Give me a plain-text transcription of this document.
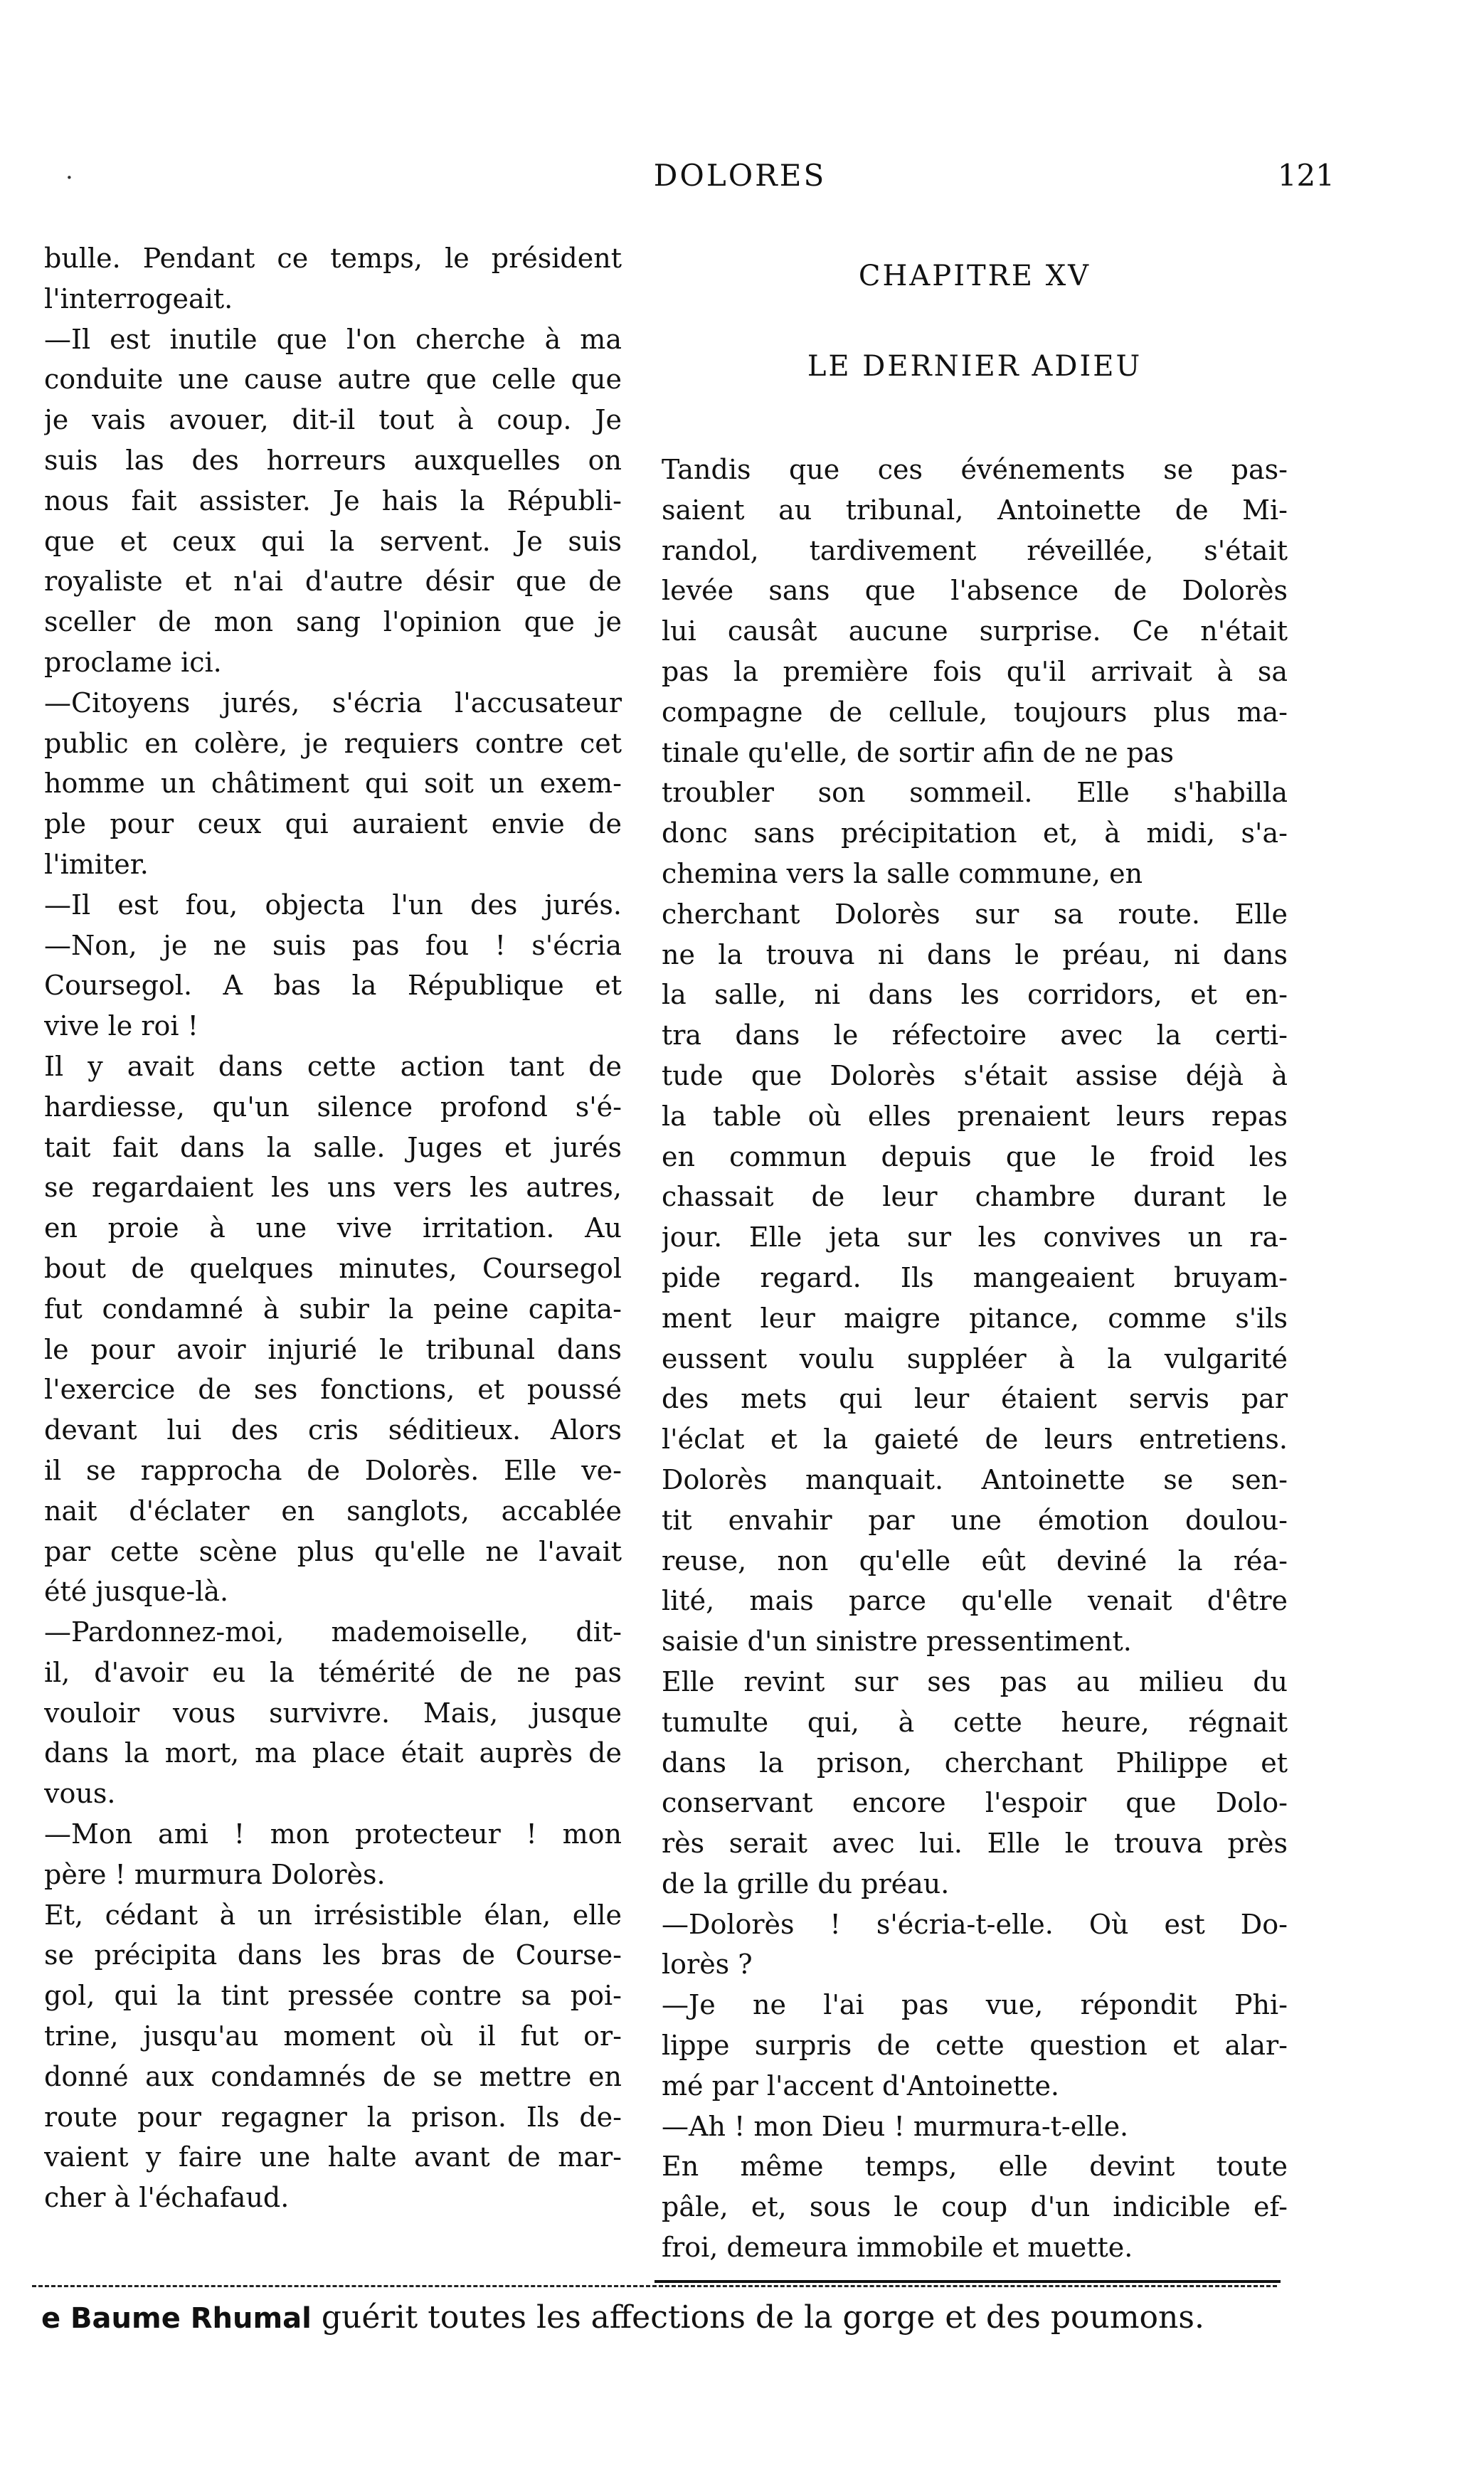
·	DOLORES	121
bulle. Pendant ce temps, le président
l'interrogeait.
—Il est inutile que l'on cherche à ma
conduite une cause autre que celle que
je vais avouer, dit-il tout à coup. Je
suis las des horreurs auxquelles on
nous fait assister. Je hais la Républi-
que et ceux qui la servent. Je suis
royaliste et n'ai d'autre désir que de
sceller de mon sang l'opinion que je
proclame ici.
—Citoyens jurés, s'écria l'accusateur
public en colère, je requiers contre cet
homme un châtiment qui soit un exem-
ple pour ceux qui auraient envie de
l'imiter.
—Il est fou, objecta l'un des jurés.
—Non, je ne suis pas fou ! s'écria
Coursegol. A bas la République et
vive le roi !
Il y avait dans cette action tant de
hardiesse, qu'un silence profond s'é-
tait fait dans la salle. Juges et jurés
se regardaient les uns vers les autres,
en proie à une vive irritation. Au
bout de quelques minutes, Coursegol
fut condamné à subir la peine capita-
le pour avoir injurié le tribunal dans
l'exercice de ses fonctions, et poussé
devant lui des cris séditieux. Alors
il se rapprocha de Dolorès. Elle ve-
nait d'éclater en sanglots, accablée
par cette scène plus qu'elle ne l'avait
été jusque-là.
—Pardonnez-moi, mademoiselle, dit-
il, d'avoir eu la témérité de ne pas
vouloir vous survivre. Mais, jusque
dans la mort, ma place était auprès de
vous.
—Mon ami ! mon protecteur ! mon
père ! murmura Dolorès.
Et, cédant à un irrésistible élan, elle
se précipita dans les bras de Course-
gol, qui la tint pressée contre sa poi-
trine, jusqu'au moment où il fut or-
donné aux condamnés de se mettre en
route pour regagner la prison. Ils de-
vaient y faire une halte avant de mar-
cher à l'échafaud.
CHAPITRE XV
LE DERNIER ADIEU
Tandis que ces événements se pas-
saient au tribunal, Antoinette de Mi-
randol, tardivement réveillée, s'était
levée sans que l'absence de Dolorès
lui causât aucune surprise. Ce n'était
pas la première fois qu'il arrivait à sa
compagne de cellule, toujours plus ma-
tinale qu'elle, de sortir afin de ne pas
troubler son sommeil. Elle s'habilla
donc sans précipitation et, à midi, s'a-
chemina vers la salle commune, en
cherchant Dolorès sur sa route. Elle
ne la trouva ni dans le préau, ni dans
la salle, ni dans les corridors, et en-
tra dans le réfectoire avec la certi-
tude que Dolorès s'était assise déjà à
la table où elles prenaient leurs repas
en commun depuis que le froid les
chassait de leur chambre durant le
jour. Elle jeta sur les convives un ra-
pide regard. Ils mangeaient bruyam-
ment leur maigre pitance, comme s'ils
eussent voulu suppléer à la vulgarité
des mets qui leur étaient servis par
l'éclat et la gaieté de leurs entretiens.
Dolorès manquait. Antoinette se sen-
tit envahir par une émotion doulou-
reuse, non qu'elle eût deviné la réa-
lité, mais parce qu'elle venait d'être
saisie d'un sinistre pressentiment.
Elle revint sur ses pas au milieu du
tumulte qui, à cette heure, régnait
dans la prison, cherchant Philippe et
conservant encore l'espoir que Dolo-
rès serait avec lui. Elle le trouva près
de la grille du préau.
—Dolorès ! s'écria-t-elle. Où est Do-
lorès ?
—Je ne l'ai pas vue, répondit Phi-
lippe surpris de cette question et alar-
mé par l'accent d'Antoinette.
—Ah ! mon Dieu ! murmura-t-elle.
En même temps, elle devint toute
pâle, et, sous le coup d'un indicible ef-
froi, demeura immobile et muette.
e Baume Rhumal guérit toutes les affections de la gorge et des poumons.
